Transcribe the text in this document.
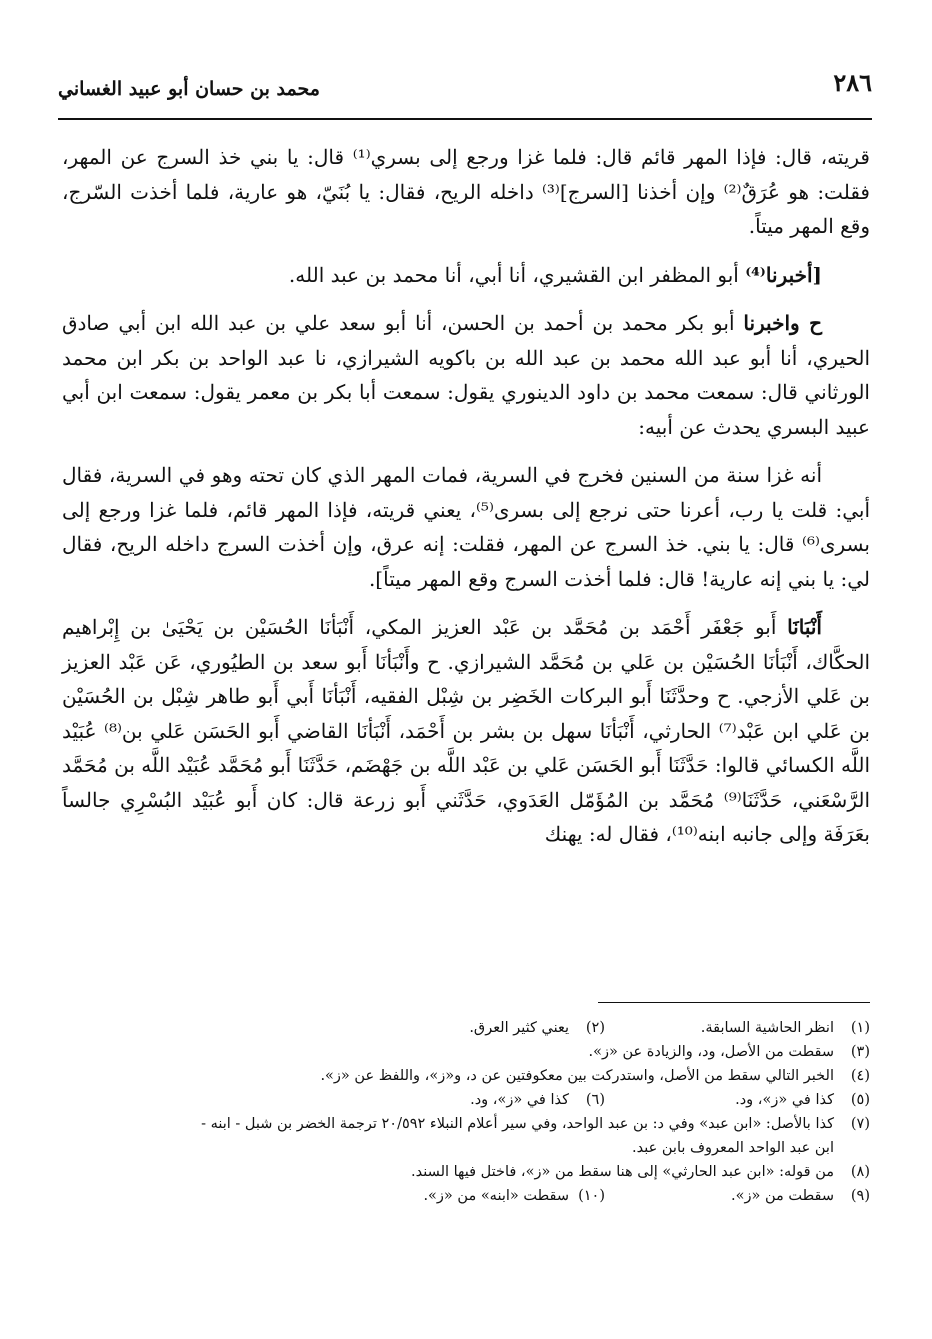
محمد بن حسان أبو عبيد الغساني	٢٨٦

قريته، قال: فإذا المهر قائم قال: فلما غزا ورجع إلى بسري⁽¹⁾ قال: يا بني خذ السرج عن المهر، فقلت: هو عُرَقٌ⁽²⁾ وإن أخذنا [السرج]⁽³⁾ داخله الريح، فقال: يا بُنَيّ، هو عارية، فلما أخذت السّرج، وقع المهر ميتاً.

[أخبرنا⁽⁴⁾ أبو المظفر ابن القشيري، أنا أبي، أنا محمد بن عبد الله.

ح واخبرنا أبو بكر محمد بن أحمد بن الحسن، أنا أبو سعد علي بن عبد الله ابن أبي صادق الحيري، أنا أبو عبد الله محمد بن عبد الله بن باكويه الشيرازي، نا عبد الواحد بن بكر ابن محمد الورثاني قال: سمعت محمد بن داود الدينوري يقول: سمعت أبا بكر بن معمر يقول: سمعت ابن أبي عبيد البسري يحدث عن أبيه:

أنه غزا سنة من السنين فخرج في السرية، فمات المهر الذي كان تحته وهو في السرية، فقال أبي: قلت يا رب، أعرنا حتى نرجع إلى بسرى⁽⁵⁾، يعني قريته، فإذا المهر قائم، فلما غزا ورجع إلى بسرى⁽⁶⁾ قال: يا بني. خذ السرج عن المهر، فقلت: إنه عرق، وإن أخذت السرج داخله الريح، فقال لي: يا بني إنه عارية! قال: فلما أخذت السرج وقع المهر ميتاً].

أَنْبَانَا أَبو جَعْفَر أَحْمَد بن مُحَمَّد بن عَبْد العزيز المكي، أَنْبَأنَا الحُسَيْن بن يَحْيَىٰ بن إِبْراهيم الحكَّاك، أَنْبَأنَا الحُسَيْن بن عَلي بن مُحَمَّد الشيرازي. ح وأَنْبَأنَا أَبو سعد بن الطيُوري، عَن عَبْد العزيز بن عَلي الأزجي. ح وحدَّثَنَا أَبو البركات الخَضِر بن شِبْل الفقيه، أَنْبَأنَا أَبي أَبو طاهر شِبْل بن الحُسَيْن بن عَلي ابن عَبْد⁽⁷⁾ الحارثي، أَنْبَأنَا سهل بن بشر بن أَحْمَد، أَنْبَأنَا القاضي أَبو الحَسَن عَلي بن⁽⁸⁾ عُبَيْد اللَّه الكسائي قالوا: حَدَّثَنَا أَبو الحَسَن عَلي بن عَبْد اللَّه بن جَهْضَم، حَدَّثَنَا أَبو مُحَمَّد عُبَيْد اللَّه بن مُحَمَّد الرَّسْعَني، حَدَّثَنَا⁽⁹⁾ مُحَمَّد بن المُؤَمّل العَدَوي، حَدَّثَني أَبو زرعة قال: كان أَبو عُبَيْد البُسْرِي جالساً بعَرَفَة وإلى جانبه ابنه⁽¹⁰⁾، فقال له: يهنك

(١)
انظر الحاشية السابقة.
(٢)
يعني كثير العرق.
(٣)
سقطت من الأصل، ود، والزيادة عن «ز».
(٤)
الخبر التالي سقط من الأصل، واستدركت بين معكوفتين عن د، و«ز»، واللفظ عن «ز».
(٥)
كذا في «ز»، ود.
(٦)
كذا في «ز»، ود.
(٧)
كذا بالأصل: «ابن عبد» وفي د: بن عبد الواحد، وفي سير أعلام النبلاء ٢٠/٥٩٢ ترجمة الخضر بن شبل - ابنه -
ابن عبد الواحد المعروف بابن عبد.
(٨)
من قوله: «ابن عبد الحارثي» إلى هنا سقط من «ز»، فاختل فيها السند.
(٩)
سقطت من «ز».
(١٠)
سقطت «ابنه» من «ز».
